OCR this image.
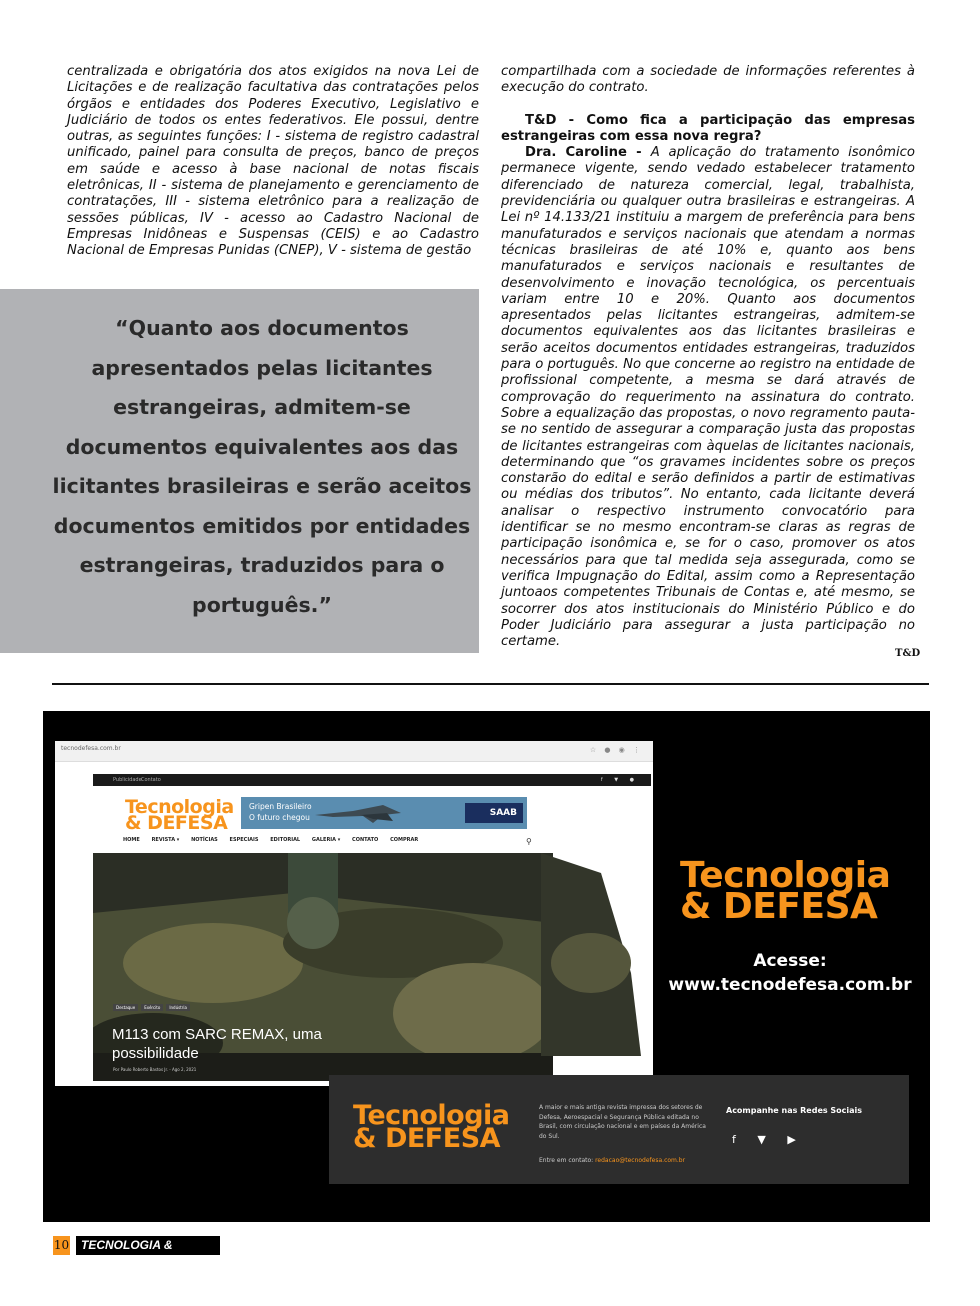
centralizada e obrigatória dos atos exigidos na nova Lei de Licitações e de realização facultativa das contratações pelos órgãos e entidades dos Poderes Executivo, Legislativo e Judiciário de todos os entes federativos. Ele possui, dentre outras, as seguintes funções: I - sistema de registro cadastral unificado, painel para consulta de preços, banco de preços em saúde e acesso à base nacional de notas fiscais eletrônicas, II - sistema de planejamento e gerenciamento de contratações, III - sistema eletrônico para a realização de sessões públicas, IV - acesso ao Cadastro Nacional de Empresas Inidôneas e Suspensas (CEIS) e ao Cadastro Nacional de Empresas Punidas (CNEP), V - sistema de gestão

“Quanto aos documentos apresentados pelas licitantes estrangeiras, admitem-se documentos equivalentes aos das licitantes brasileiras e serão aceitos documentos emitidos por entidades estrangeiras, traduzidos para o português.”

compartilhada com a sociedade de informações referentes à execução do contrato.

T&D - Como fica a participação das empresas estrangeiras com essa nova regra?

Dra. Caroline - A aplicação do tratamento isonômico permanece vigente, sendo vedado estabelecer tratamento diferenciado de natureza comercial, legal, trabalhista, previdenciária ou qualquer outra brasileiras e estrangeiras. A Lei nº 14.133/21 instituiu a margem de preferência para bens manufaturados e serviços nacionais que atendam a normas técnicas brasileiras de até 10% e, quanto aos bens manufaturados e serviços nacionais e resultantes de desenvolvimento e inovação tecnológica, os percentuais variam entre 10 e 20%. Quanto aos documentos apresentados pelas licitantes estrangeiras, admitem-se documentos equivalentes aos das licitantes brasileiras e serão aceitos documentos entidades estrangeiras, traduzidos para o português. No que concerne ao registro na entidade de profissional competente, a mesma se dará através de comprovação do requerimento na assinatura do contrato. Sobre a equalização das propostas, o novo regramento pauta-se no sentido de assegurar a comparação justa das propostas de licitantes estrangeiras com àquelas de licitantes nacionais, determinando que “os gravames incidentes sobre os preços constarão do edital e serão definidos a partir de estimativas ou médias dos tributos”. No entanto, cada licitante deverá analisar o respectivo instrumento convocatório para identificar se no mesmo encontram-se claras as regras de participação isonômica e, se for o caso, promover os atos necessários para que tal medida seja assegurada, como se verifica Impugnação do Edital, assim como a Representação juntoaos competentes Tribunais de Contas e, até mesmo, se socorrer dos atos institucionais do Ministério Público e do Poder Judiciário para assegurar a justa participação no certame.

T&D
tecnodefesa.com.br	☆ ● ◉ ⋮
Publicidade Contato	f ▼ ●
Tecnologia
& DEFESA
Gripen Brasileiro
O futuro chegou	SAAB
HOME REVISTA ▾ NOTÍCIAS ESPECIAIS EDITORIAL GALERIA ▾ CONTATO COMPRAR	⚲
Destaque Exército Indústria
M113 com SARC REMAX, uma possibilidade
Por Paulo Roberto Bastos Jr. - Ago 2, 2021
Tecnologia
& DEFESA
Acesse:
www.tecnodefesa.com.br
Tecnologia
& DEFESA
A maior e mais antiga revista impressa dos setores de Defesa, Aeroespacial e Segurança Pública editada no Brasil, com circulação nacional e em países da América do Sul.
Entre em contato: redacao@tecnodefesa.com.br
Acompanhe nas Redes Sociais
f ▼ ▶
10 TECNOLOGIA & DEFESA
